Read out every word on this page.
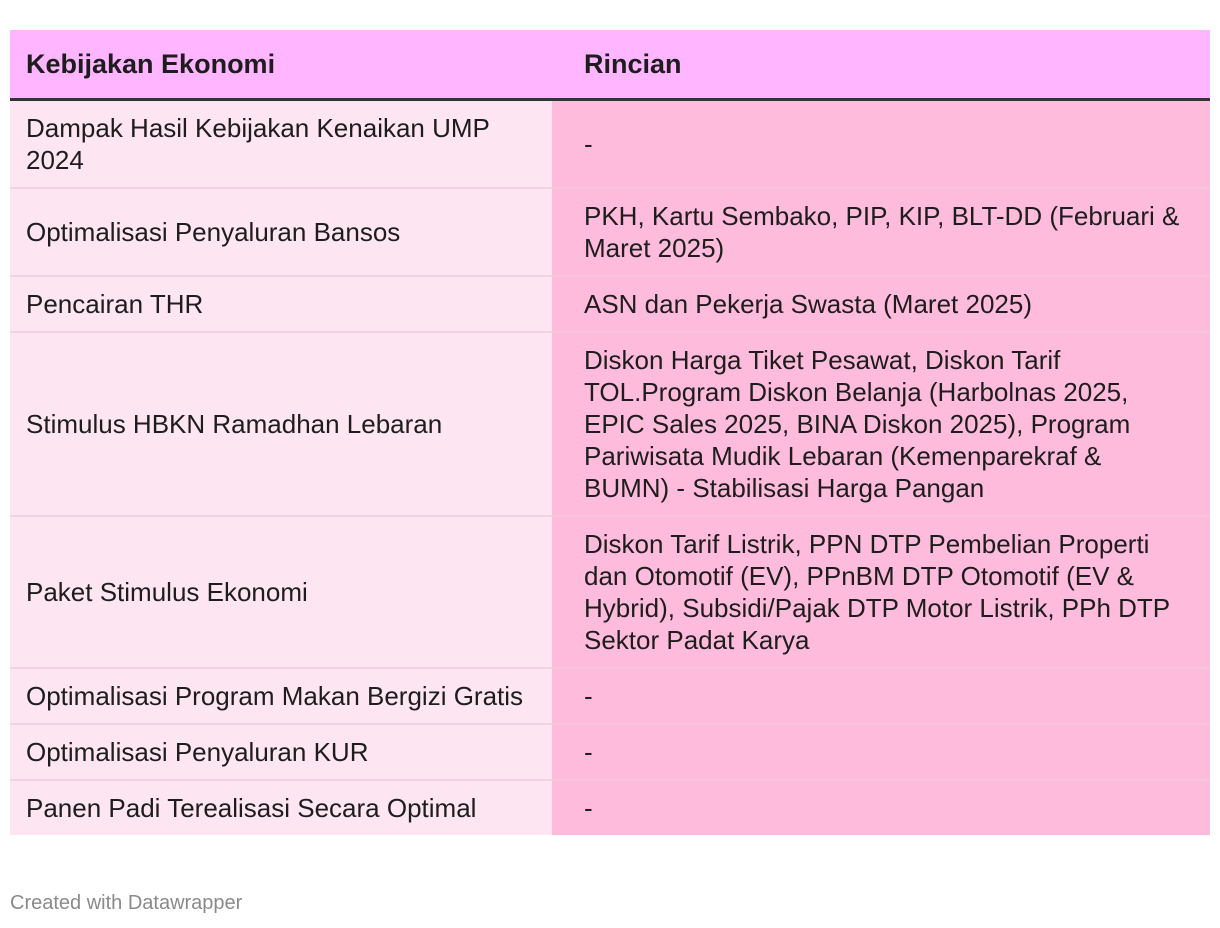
Kebijakan Ekonomi	Rincian
Dampak Hasil Kebijakan Kenaikan UMP 2024	-
Optimalisasi Penyaluran Bansos	PKH, Kartu Sembako, PIP, KIP, BLT-DD (Februari & Maret 2025)
Pencairan THR	ASN dan Pekerja Swasta (Maret 2025)
Stimulus HBKN Ramadhan Lebaran	Diskon Harga Tiket Pesawat, Diskon Tarif TOL.Program Diskon Belanja (Harbolnas 2025, EPIC Sales 2025, BINA Diskon 2025), Program Pariwisata Mudik Lebaran (Kemenparekraf & BUMN) - Stabilisasi Harga Pangan
Paket Stimulus Ekonomi	Diskon Tarif Listrik, PPN DTP Pembelian Properti dan Otomotif (EV), PPnBM DTP Otomotif (EV & Hybrid), Subsidi/Pajak DTP Motor Listrik, PPh DTP Sektor Padat Karya
Optimalisasi Program Makan Bergizi Gratis	-
Optimalisasi Penyaluran KUR	-
Panen Padi Terealisasi Secara Optimal	-
Created with Datawrapper
